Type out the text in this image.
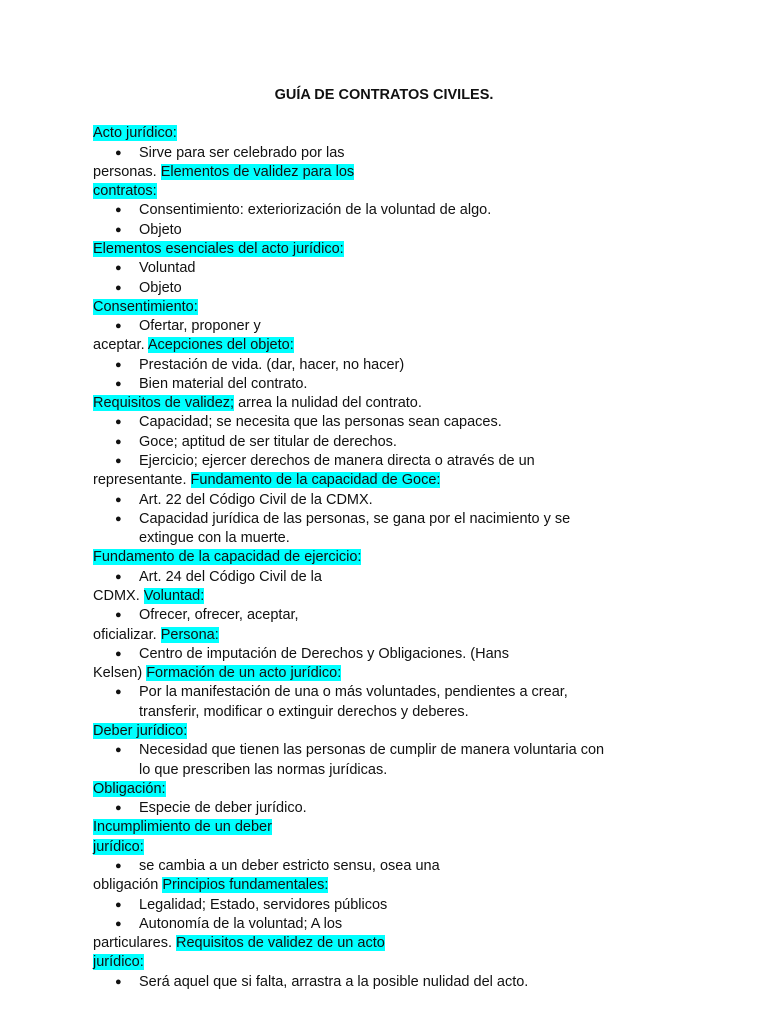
GUÍA DE CONTRATOS CIVILES.
Acto jurídico:
● Sirve para ser celebrado por las
personas. Elementos de validez para los
contratos:
● Consentimiento: exteriorización de la voluntad de algo.
● Objeto
Elementos esenciales del acto jurídico:
● Voluntad
● Objeto
Consentimiento:
● Ofertar, proponer y
aceptar. Acepciones del objeto:
● Prestación de vida. (dar, hacer, no hacer)
● Bien material del contrato.
Requisitos de validez; arrea la nulidad del contrato.
● Capacidad; se necesita que las personas sean capaces.
● Goce; aptitud de ser titular de derechos.
● Ejercicio; ejercer derechos de manera directa o através de un
representante. Fundamento de la capacidad de Goce:
● Art. 22 del Código Civil de la CDMX.
● Capacidad jurídica de las personas, se gana por el nacimiento y se
extingue con la muerte.
Fundamento de la capacidad de ejercicio:
● Art. 24 del Código Civil de la
CDMX. Voluntad:
● Ofrecer, ofrecer, aceptar,
oficializar. Persona:
● Centro de imputación de Derechos y Obligaciones. (Hans
Kelsen) Formación de un acto jurídico:
● Por la manifestación de una o más voluntades, pendientes a crear,
transferir, modificar o extinguir derechos y deberes.
Deber jurídico:
● Necesidad que tienen las personas de cumplir de manera voluntaria con
lo que prescriben las normas jurídicas.
Obligación:
● Especie de deber jurídico.
Incumplimiento de un deber
jurídico:
● se cambia a un deber estricto sensu, osea una
obligación Principios fundamentales:
● Legalidad; Estado, servidores públicos
● Autonomía de la voluntad; A los
particulares. Requisitos de validez de un acto
jurídico:
● Será aquel que si falta, arrastra a la posible nulidad del acto.
